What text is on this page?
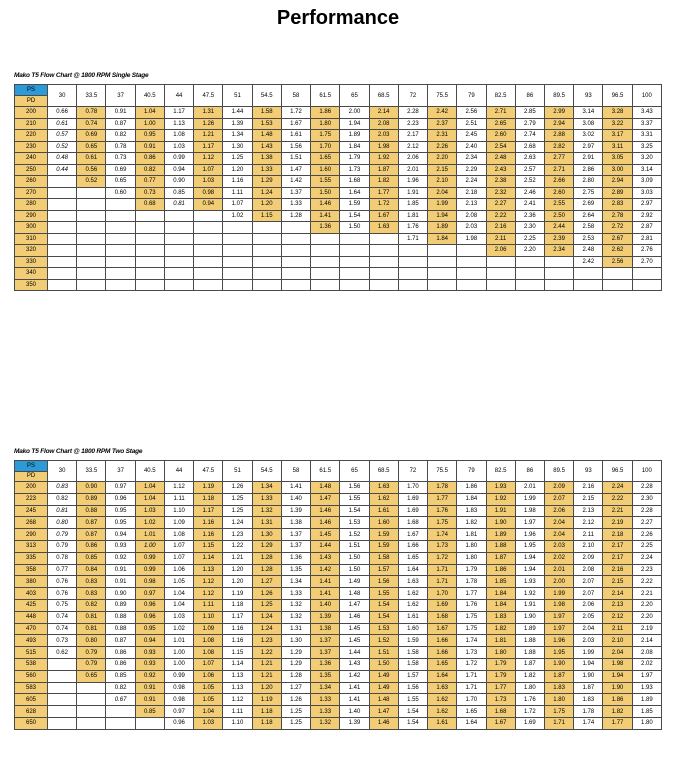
Performance
Mako T5 Flow Chart @ 1800 RPM Single Stage
PS
PD	30	33.5	37	40.5	44	47.5	51	54.5	58	61.5	65	68.5	72	75.5	79	82.5	86	89.5	93	96.5	100
200	0.66	0.78	0.91	1.04	1.17	1.31	1.44	1.58	1.72	1.86	2.00	2.14	2.28	2.42	2.56	2.71	2.85	2.99	3.14	3.28	3.43
210	0.61	0.74	0.87	1.00	1.13	1.26	1.39	1.53	1.67	1.80	1.94	2.08	2.23	2.37	2.51	2.65	2.79	2.94	3.08	3.22	3.37
220	0.57	0.69	0.82	0.95	1.08	1.21	1.34	1.48	1.61	1.75	1.89	2.03	2.17	2.31	2.45	2.60	2.74	2.88	3.02	3.17	3.31
230	0.52	0.65	0.78	0.91	1.03	1.17	1.30	1.43	1.56	1.70	1.84	1.98	2.12	2.26	2.40	2.54	2.68	2.82	2.97	3.11	3.25
240	0.48	0.61	0.73	0.86	0.99	1.12	1.25	1.38	1.51	1.65	1.79	1.92	2.06	2.20	2.34	2.48	2.63	2.77	2.91	3.05	3.20
250	0.44	0.56	0.69	0.82	0.94	1.07	1.20	1.33	1.47	1.60	1.73	1.87	2.01	2.15	2.29	2.43	2.57	2.71	2.86	3.00	3.14
260		0.52	0.65	0.77	0.90	1.03	1.16	1.29	1.42	1.55	1.68	1.82	1.96	2.10	2.24	2.38	2.52	2.66	2.80	2.94	3.09
270			0.60	0.73	0.85	0.98	1.11	1.24	1.37	1.50	1.64	1.77	1.91	2.04	2.18	2.32	2.46	2.60	2.75	2.89	3.03
280				0.68	0.81	0.94	1.07	1.20	1.33	1.46	1.59	1.72	1.85	1.99	2.13	2.27	2.41	2.55	2.69	2.83	2.97
290							1.02	1.15	1.28	1.41	1.54	1.67	1.81	1.94	2.08	2.22	2.36	2.50	2.64	2.78	2.92
300										1.36	1.50	1.63	1.76	1.89	2.03	2.16	2.30	2.44	2.58	2.72	2.87
310													1.71	1.84	1.98	2.11	2.25	2.39	2.53	2.67	2.81
320																2.06	2.20	2.34	2.48	2.62	2.76
330																			2.42	2.56	2.70
340																					
350																					
Mako T5 Flow Chart @ 1800 RPM Two Stage
PS
PD	30	33.5	37	40.5	44	47.5	51	54.5	58	61.5	65	68.5	72	75.5	79	82.5	86	89.5	93	96.5	100
200	0.83	0.90	0.97	1.04	1.12	1.19	1.26	1.34	1.41	1.48	1.56	1.63	1.70	1.78	1.86	1.93	2.01	2.09	2.16	2.24	2.28
223	0.82	0.89	0.96	1.04	1.11	1.18	1.25	1.33	1.40	1.47	1.55	1.62	1.69	1.77	1.84	1.92	1.99	2.07	2.15	2.22	2.30
245	0.81	0.88	0.95	1.03	1.10	1.17	1.25	1.32	1.39	1.46	1.54	1.61	1.69	1.76	1.83	1.91	1.98	2.06	2.13	2.21	2.28
268	0.80	0.87	0.95	1.02	1.09	1.16	1.24	1.31	1.38	1.46	1.53	1.60	1.68	1.75	1.82	1.90	1.97	2.04	2.12	2.19	2.27
290	0.79	0.87	0.94	1.01	1.08	1.16	1.23	1.30	1.37	1.45	1.52	1.59	1.67	1.74	1.81	1.89	1.96	2.04	2.11	2.18	2.26
313	0.79	0.86	0.93	1.00	1.07	1.15	1.22	1.29	1.37	1.44	1.51	1.59	1.66	1.73	1.80	1.88	1.95	2.03	2.10	2.17	2.25
335	0.78	0.85	0.92	0.99	1.07	1.14	1.21	1.28	1.36	1.43	1.50	1.58	1.65	1.72	1.80	1.87	1.94	2.02	2.09	2.17	2.24
358	0.77	0.84	0.91	0.99	1.06	1.13	1.20	1.28	1.35	1.42	1.50	1.57	1.64	1.71	1.79	1.86	1.94	2.01	2.08	2.16	2.23
380	0.76	0.83	0.91	0.98	1.05	1.12	1.20	1.27	1.34	1.41	1.49	1.56	1.63	1.71	1.78	1.85	1.93	2.00	2.07	2.15	2.22
403	0.76	0.83	0.90	0.97	1.04	1.12	1.19	1.26	1.33	1.41	1.48	1.55	1.62	1.70	1.77	1.84	1.92	1.99	2.07	2.14	2.21
425	0.75	0.82	0.89	0.96	1.04	1.11	1.18	1.25	1.32	1.40	1.47	1.54	1.62	1.69	1.76	1.84	1.91	1.98	2.06	2.13	2.20
448	0.74	0.81	0.88	0.96	1.03	1.10	1.17	1.24	1.32	1.39	1.46	1.54	1.61	1.68	1.75	1.83	1.90	1.97	2.05	2.12	2.20
470	0.74	0.81	0.88	0.95	1.02	1.09	1.16	1.24	1.31	1.38	1.45	1.53	1.60	1.67	1.75	1.82	1.89	1.97	2.04	2.11	2.19
493	0.73	0.80	0.87	0.94	1.01	1.08	1.16	1.23	1.30	1.37	1.45	1.52	1.59	1.66	1.74	1.81	1.88	1.96	2.03	2.10	2.14
515	0.62	0.79	0.86	0.93	1.00	1.08	1.15	1.22	1.29	1.37	1.44	1.51	1.58	1.66	1.73	1.80	1.88	1.95	1.99	2.04	2.08
538		0.79	0.86	0.93	1.00	1.07	1.14	1.21	1.29	1.36	1.43	1.50	1.58	1.65	1.72	1.79	1.87	1.90	1.94	1.98	2.02
560		0.65	0.85	0.92	0.99	1.06	1.13	1.21	1.28	1.35	1.42	1.49	1.57	1.64	1.71	1.79	1.82	1.87	1.90	1.94	1.97
583			0.82	0.91	0.98	1.05	1.13	1.20	1.27	1.34	1.41	1.49	1.56	1.63	1.71	1.77	1.80	1.83	1.87	1.90	1.93
605			0.67	0.91	0.98	1.05	1.12	1.19	1.26	1.33	1.41	1.48	1.55	1.62	1.70	1.73	1.76	1.80	1.83	1.86	1.89
628				0.85	0.97	1.04	1.11	1.18	1.25	1.33	1.40	1.47	1.54	1.62	1.65	1.68	1.72	1.75	1.78	1.82	1.85
650					0.96	1.03	1.10	1.18	1.25	1.32	1.39	1.46	1.54	1.61	1.64	1.67	1.69	1.71	1.74	1.77	1.80
